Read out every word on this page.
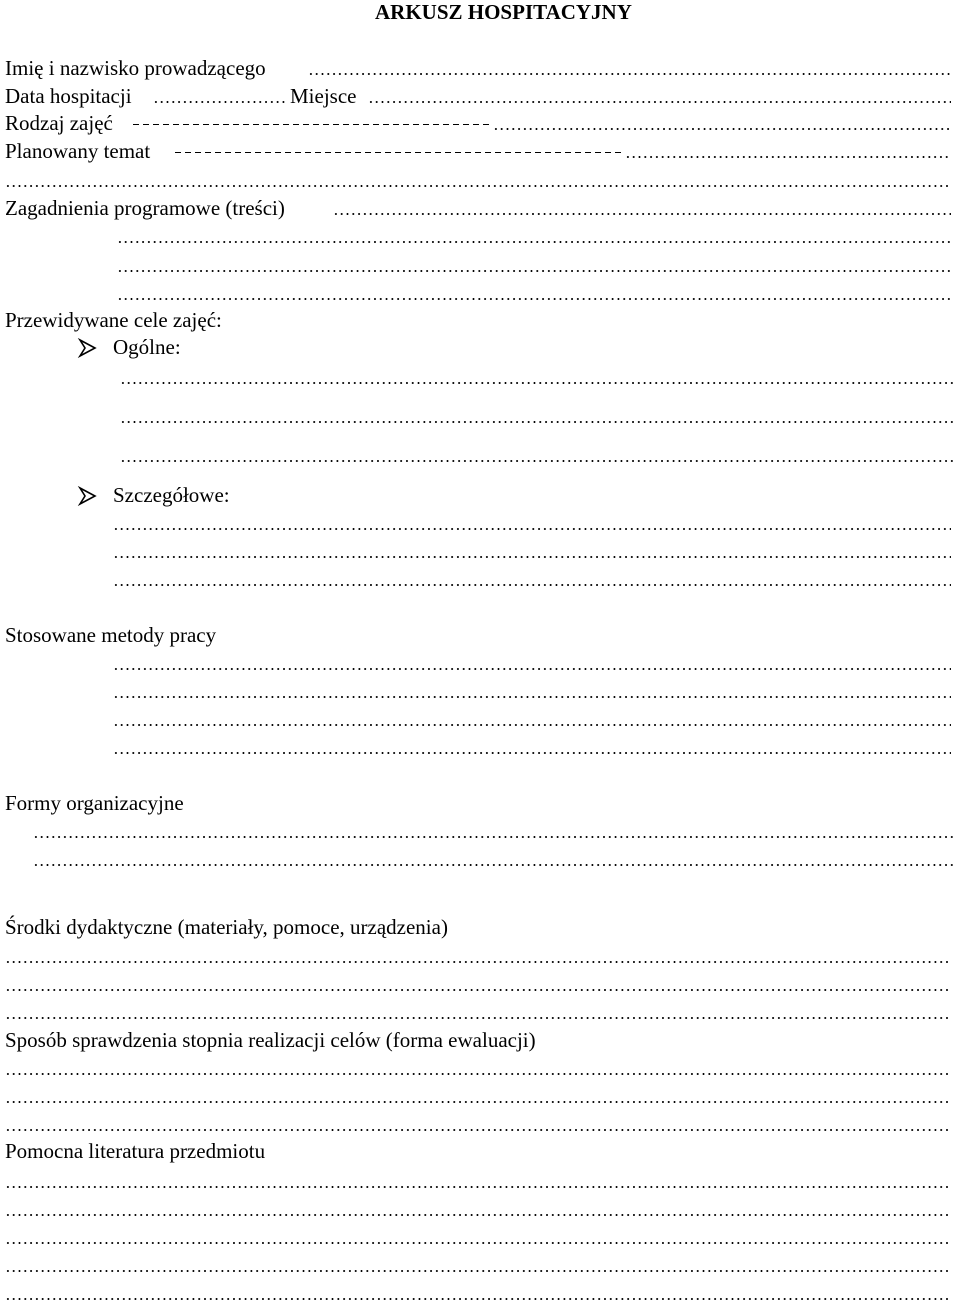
ARKUSZ HOSPITACYJNY
Imię i nazwisko prowadzącego
Data hospitacji	Miejsce
Rodzaj zajęć
Planowany temat
Zagadnienia programowe (treści)
Przewidywane cele zajęć:
Ogólne:
Szczegółowe:
Stosowane metody pracy
Formy organizacyjne
Środki dydaktyczne (materiały, pomoce, urządzenia)
Sposób sprawdzenia stopnia realizacji celów (forma ewaluacji)
Pomocna literatura przedmiotu
